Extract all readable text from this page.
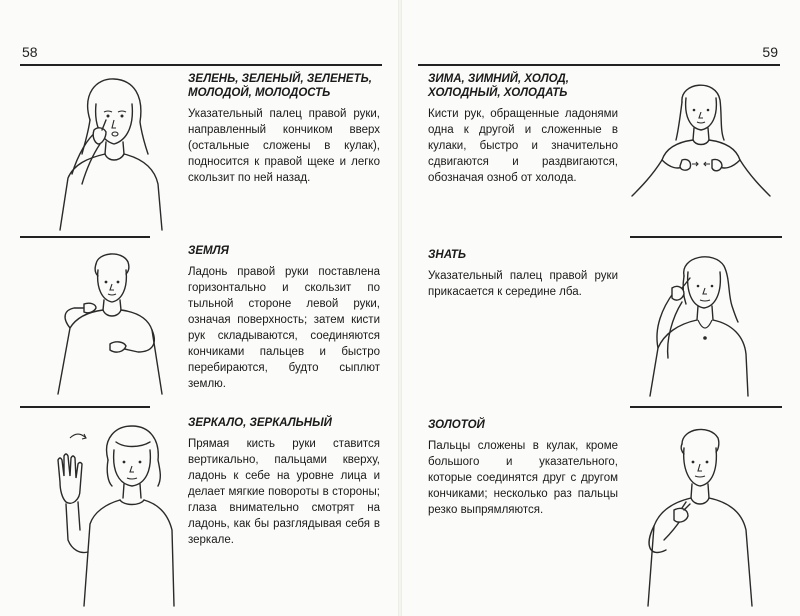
58
ЗЕЛЕНЬ, ЗЕЛЕНЫЙ, ЗЕЛЕНЕТЬ, МОЛОДОЙ, МОЛОДОСТЬ

Указательный палец правой руки, направленный кончиком вверх (остальные сложены в кулак), подносится к правой щеке и легко скользит по ней назад.

ЗЕМЛЯ

Ладонь правой руки поставлена горизонтально и скользит по тыльной стороне левой руки, означая поверхность; затем кисти рук складываются, соединяются кончиками пальцев и быстро перебираются, будто сыплют землю.

ЗЕРКАЛО, ЗЕРКАЛЬНЫЙ

Прямая кисть руки ставится вертикально, пальцами кверху, ладонь к себе на уровне лица и делает мягкие повороты в стороны; глаза внимательно смотрят на ладонь, как бы разглядывая себя в зеркале.

59
ЗИМА, ЗИМНИЙ, ХОЛОД, ХОЛОДНЫЙ, ХОЛОДАТЬ

Кисти рук, обращенные ладонями одна к другой и сложенные в кулаки, быстро и значительно сдвигаются и раздвигаются, обозначая озноб от холода.

ЗНАТЬ

Указательный палец правой руки прикасается к середине лба.

ЗОЛОТОЙ

Пальцы сложены в кулак, кроме большого и указательного, которые соединятся друг с другом кончиками; несколько раз пальцы резко выпрямляются.
